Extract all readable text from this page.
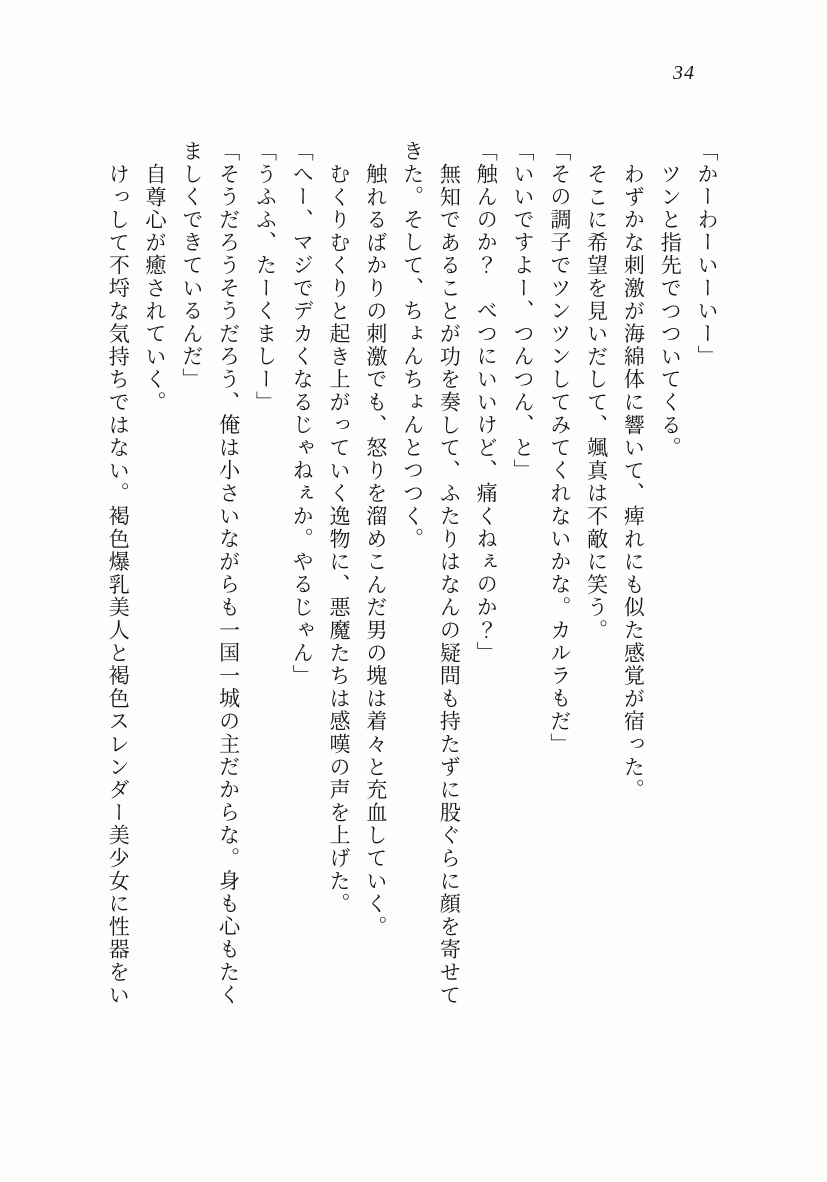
34
「かーわーいーいー」
ツンと指先でつついてくる。
わずかな刺激が海綿体に響いて、痺れにも似た感覚が宿った。
そこに希望を見いだして、颯真は不敵に笑う。
「その調子でツンツンしてみてくれないかな。カルラもだ」
「いいですよー、つんつん、と」
「触んのか？　べつにいいけど、痛くねぇのか？」
無知であることが功を奏して、ふたりはなんの疑問も持たずに股ぐらに顔を寄せて
きた。そして、ちょんちょんとつつく。
触れるばかりの刺激でも、怒りを溜めこんだ男の塊は着々と充血していく。
むくりむくりと起き上がっていく逸物に、悪魔たちは感嘆の声を上げた。
「へー、マジでデカくなるじゃねぇか。やるじゃん」
「うふふ、たーくましー」
「そうだろうそうだろう、俺は小さいながらも一国一城の主だからな。身も心もたく
ましくできているんだ」
自尊心が癒されていく。
けっして不埒な気持ちではない。褐色爆乳美人と褐色スレンダー美少女に性器をい
